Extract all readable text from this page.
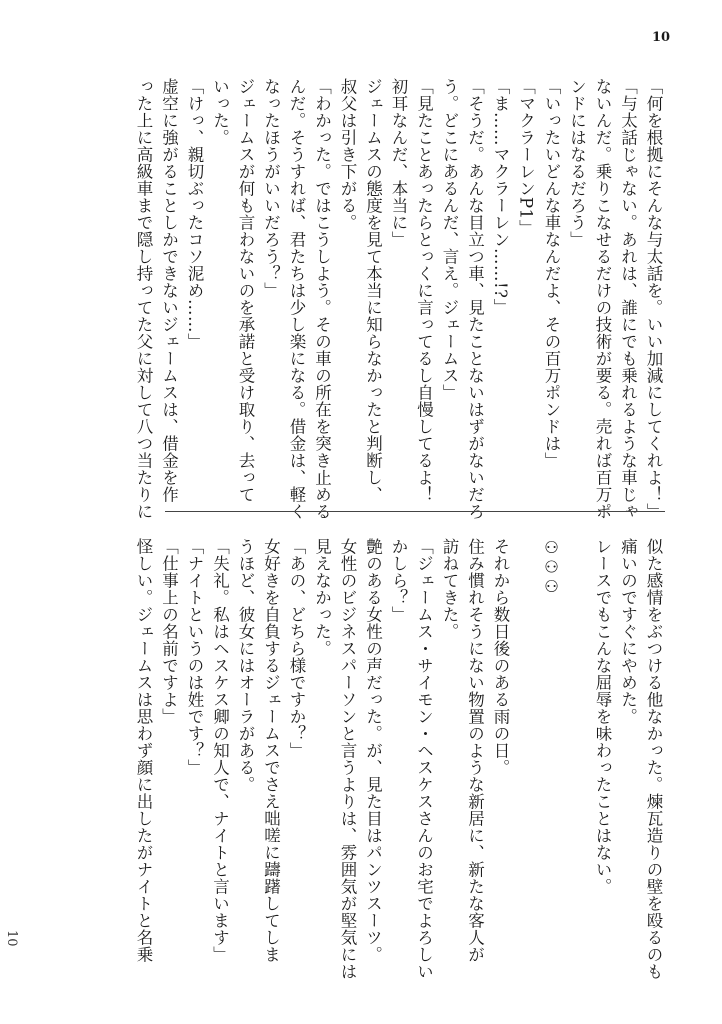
10
10
「何を根拠にそんな与太話を。いい加減にしてくれよ！」
「与太話じゃない。あれは、誰にでも乗れるような車じゃ
ないんだ。乗りこなせるだけの技術が要る。売れば百万ポ
ンドにはなるだろう」
「いったいどんな車なんだよ、その百万ポンドは」
「マクラーレンP1」
「ま……マクラーレン……!?」
「そうだ。あんな目立つ車、見たことないはずがないだろ
う。どこにあるんだ、言え。ジェームス」
「見たことあったらとっくに言ってるし自慢してるよ！
初耳なんだ、本当に」
ジェームスの態度を見て本当に知らなかったと判断し、
叔父は引き下がる。
「わかった。ではこうしよう。その車の所在を突き止める
んだ。そうすれば、君たちは少し楽になる。借金は、軽く
なったほうがいいだろう？」
ジェームスが何も言わないのを承諾と受け取り、去って
いった。
「けっ、親切ぶったコソ泥め……」
虚空に強がることしかできないジェームスは、借金を作
った上に高級車まで隠し持ってた父に対して八つ当たりに
似た感情をぶつける他なかった。煉瓦造りの壁を殴るのも
痛いのですぐにやめた。
レースでもこんな屈辱を味わったことはない。

⚇⚇⚇

それから数日後のある雨の日。
住み慣れそうにない物置のような新居に、新たな客人が
訪ねてきた。
「ジェームス・サイモン・ヘスケスさんのお宅でよろしい
かしら？」
艶のある女性の声だった。が、見た目はパンツスーツ。
女性のビジネスパーソンと言うよりは、雰囲気が堅気には
見えなかった。
「あの、どちら様ですか？」
女好きを自負するジェームスでさえ咄嗟に躊躇してしま
うほど、彼女にはオーラがある。
「失礼。私はヘスケス卿の知人で、ナイトと言います」
「ナイトというのは姓です？」
「仕事上の名前ですよ」
怪しい。ジェームスは思わず顔に出したがナイトと名乗
